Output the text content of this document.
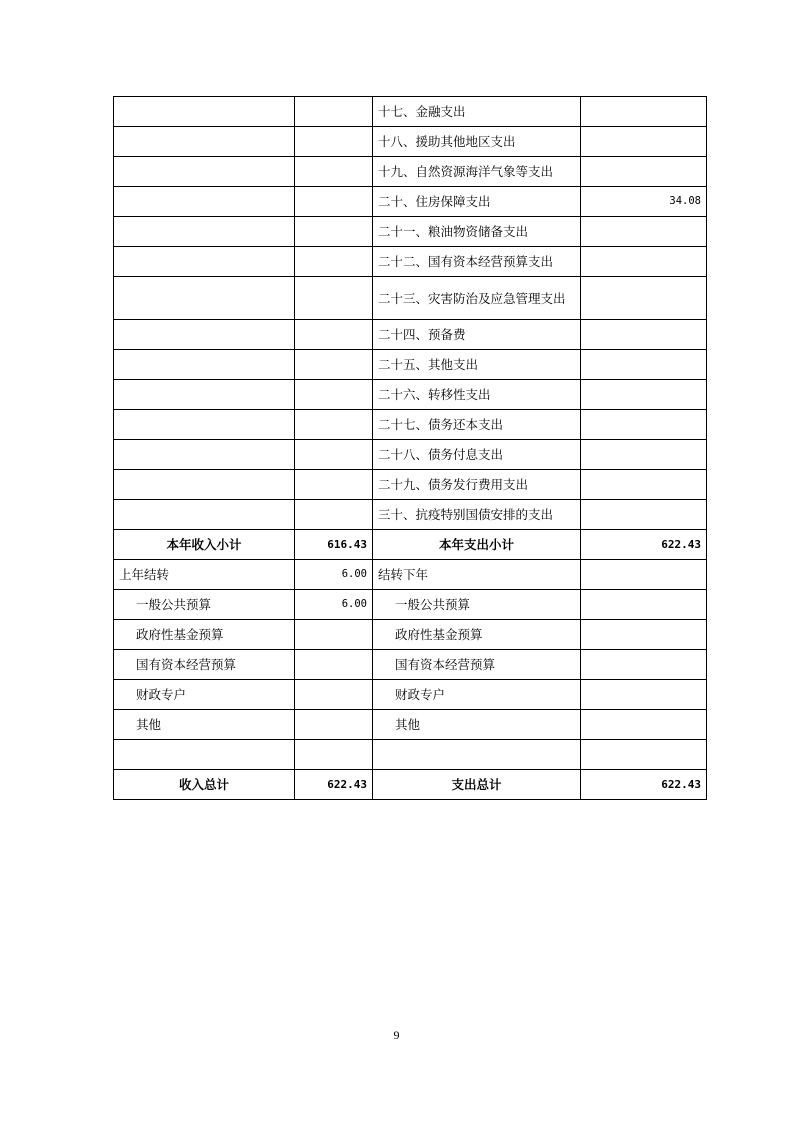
		十七、金融支出	
		十八、援助其他地区支出	
		十九、自然资源海洋气象等支出	
		二十、住房保障支出	34.08
		二十一、粮油物资储备支出	
		二十二、国有资本经营预算支出	
		二十三、灾害防治及应急管理支出	
		二十四、预备费	
		二十五、其他支出	
		二十六、转移性支出	
		二十七、债务还本支出	
		二十八、债务付息支出	
		二十九、债务发行费用支出	
		三十、抗疫特别国债安排的支出	
本年收入小计	616.43	本年支出小计	622.43
上年结转	6.00	结转下年	
一般公共预算	6.00	一般公共预算	
政府性基金预算		政府性基金预算	
国有资本经营预算		国有资本经营预算	
财政专户		财政专户	
其他		其他	

收入总计	622.43	支出总计	622.43
9
